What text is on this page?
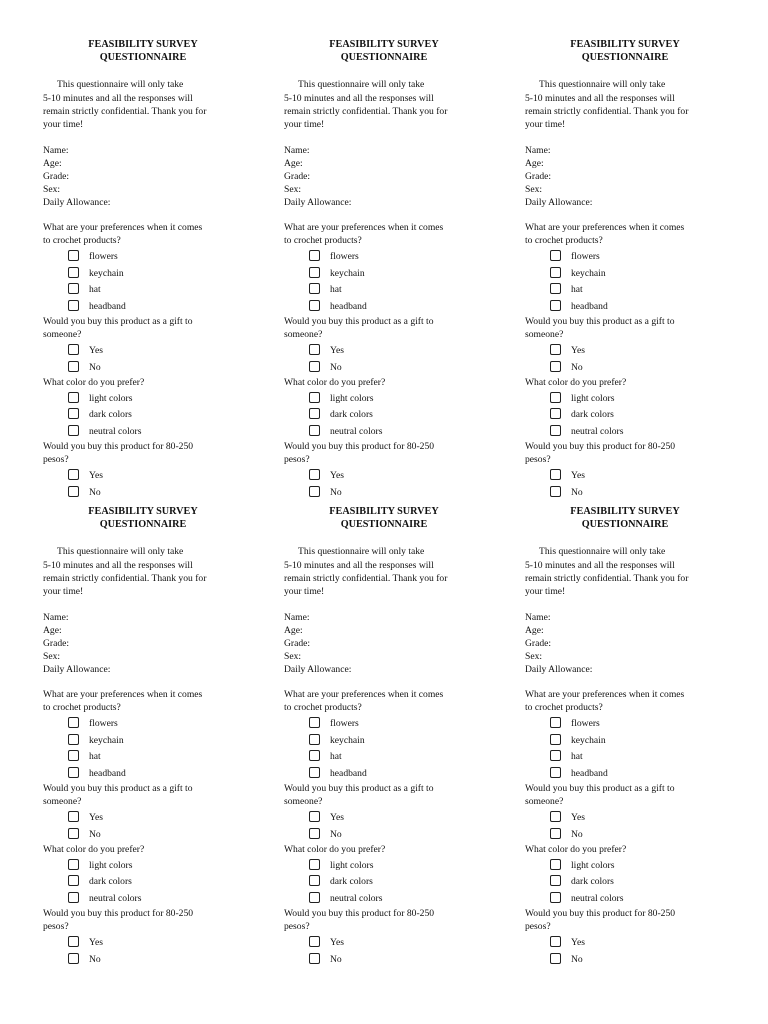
FEASIBILITY SURVEY
QUESTIONNAIRE
This questionnaire will only take
5-10 minutes and all the responses will
remain strictly confidential. Thank you for
your time!
Name:
Age:
Grade:
Sex:
Daily Allowance:
What are your preferences when it comes
to crochet products?
flowers
keychain
hat
headband
Would you buy this product as a gift to
someone?
Yes
No
What color do you prefer?
light colors
dark colors
neutral colors
Would you buy this product for 80-250
pesos?
Yes
No
FEASIBILITY SURVEY
QUESTIONNAIRE
This questionnaire will only take
5-10 minutes and all the responses will
remain strictly confidential. Thank you for
your time!
Name:
Age:
Grade:
Sex:
Daily Allowance:
What are your preferences when it comes
to crochet products?
flowers
keychain
hat
headband
Would you buy this product as a gift to
someone?
Yes
No
What color do you prefer?
light colors
dark colors
neutral colors
Would you buy this product for 80-250
pesos?
Yes
No
FEASIBILITY SURVEY
QUESTIONNAIRE
This questionnaire will only take
5-10 minutes and all the responses will
remain strictly confidential. Thank you for
your time!
Name:
Age:
Grade:
Sex:
Daily Allowance:
What are your preferences when it comes
to crochet products?
flowers
keychain
hat
headband
Would you buy this product as a gift to
someone?
Yes
No
What color do you prefer?
light colors
dark colors
neutral colors
Would you buy this product for 80-250
pesos?
Yes
No
FEASIBILITY SURVEY
QUESTIONNAIRE
This questionnaire will only take
5-10 minutes and all the responses will
remain strictly confidential. Thank you for
your time!
Name:
Age:
Grade:
Sex:
Daily Allowance:
What are your preferences when it comes
to crochet products?
flowers
keychain
hat
headband
Would you buy this product as a gift to
someone?
Yes
No
What color do you prefer?
light colors
dark colors
neutral colors
Would you buy this product for 80-250
pesos?
Yes
No
FEASIBILITY SURVEY
QUESTIONNAIRE
This questionnaire will only take
5-10 minutes and all the responses will
remain strictly confidential. Thank you for
your time!
Name:
Age:
Grade:
Sex:
Daily Allowance:
What are your preferences when it comes
to crochet products?
flowers
keychain
hat
headband
Would you buy this product as a gift to
someone?
Yes
No
What color do you prefer?
light colors
dark colors
neutral colors
Would you buy this product for 80-250
pesos?
Yes
No
FEASIBILITY SURVEY
QUESTIONNAIRE
This questionnaire will only take
5-10 minutes and all the responses will
remain strictly confidential. Thank you for
your time!
Name:
Age:
Grade:
Sex:
Daily Allowance:
What are your preferences when it comes
to crochet products?
flowers
keychain
hat
headband
Would you buy this product as a gift to
someone?
Yes
No
What color do you prefer?
light colors
dark colors
neutral colors
Would you buy this product for 80-250
pesos?
Yes
No
